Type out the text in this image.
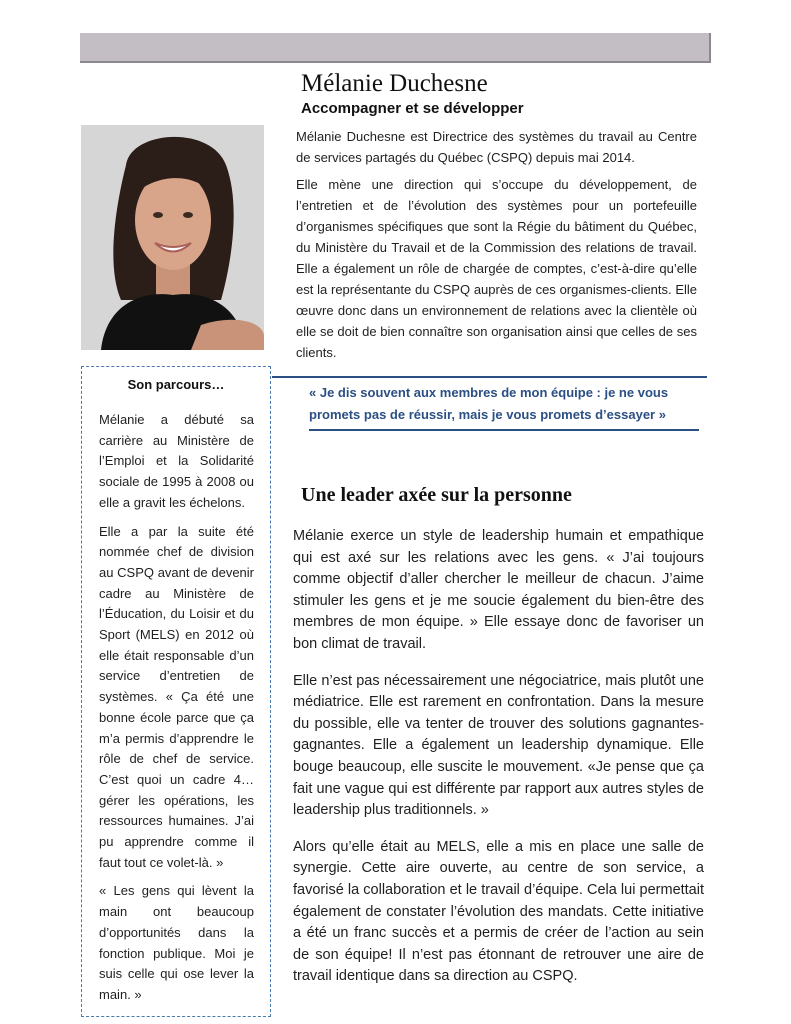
Mélanie Duchesne
Accompagner et se développer

Mélanie Duchesne est Directrice des systèmes du travail au Centre de services partagés du Québec (CSPQ) depuis mai 2014.

Elle mène une direction qui s’occupe du développement, de l’entretien et de l’évolution des systèmes pour un portefeuille d’organismes spécifiques que sont la Régie du bâtiment du Québec, du Ministère du Travail et de la Commission des relations de travail. Elle a également un rôle de chargée de comptes, c’est-à-dire qu’elle est la représentante du CSPQ auprès de ces organismes-clients. Elle œuvre donc dans un environnement de relations avec la clientèle où elle se doit de bien connaître son organisation ainsi que celles de ses clients.

Son parcours…

Mélanie a débuté sa carrière au Ministère de l’Emploi et la Solidarité sociale de 1995 à 2008 ou elle a gravit les échelons.

Elle a par la suite été nommée chef de division au CSPQ avant de devenir cadre au Ministère de l’Éducation, du Loisir et du Sport (MELS) en 2012 où elle était responsable d’un service d’entretien de systèmes. « Ça été une bonne école parce que ça m’a permis d’apprendre le rôle de chef de service. C’est quoi un cadre 4… gérer les opérations, les ressources humaines. J’ai pu apprendre comme il faut tout ce volet-là. »

« Les gens qui lèvent la main ont beaucoup d’opportunités dans la fonction publique. Moi je suis celle qui ose lever la main. »

« Je dis souvent aux membres de mon équipe : je ne vous promets pas de réussir, mais je vous promets d’essayer »
Une leader axée sur la personne

Mélanie exerce un style de leadership humain et empathique qui est axé sur les relations avec les gens. « J’ai toujours comme objectif d’aller chercher le meilleur de chacun. J’aime stimuler les gens et je me soucie également du bien-être des membres de mon équipe. » Elle essaye donc de favoriser un bon climat de travail.

Elle n’est pas nécessairement une négociatrice, mais plutôt une médiatrice. Elle est rarement en confrontation. Dans la mesure du possible, elle va tenter de trouver des solutions gagnantes-gagnantes. Elle a également un leadership dynamique. Elle bouge beaucoup, elle suscite le mouvement. «Je pense que ça fait une vague qui est différente par rapport aux autres styles de leadership plus traditionnels. »

Alors qu’elle était au MELS, elle a mis en place une salle de synergie. Cette aire ouverte, au centre de son service, a favorisé la collaboration et le travail d’équipe. Cela lui permettait également de constater l’évolution des mandats. Cette initiative a été un franc succès et a permis de créer de l’action au sein de son équipe! Il n’est pas étonnant de retrouver une aire de travail identique dans sa direction au CSPQ.
